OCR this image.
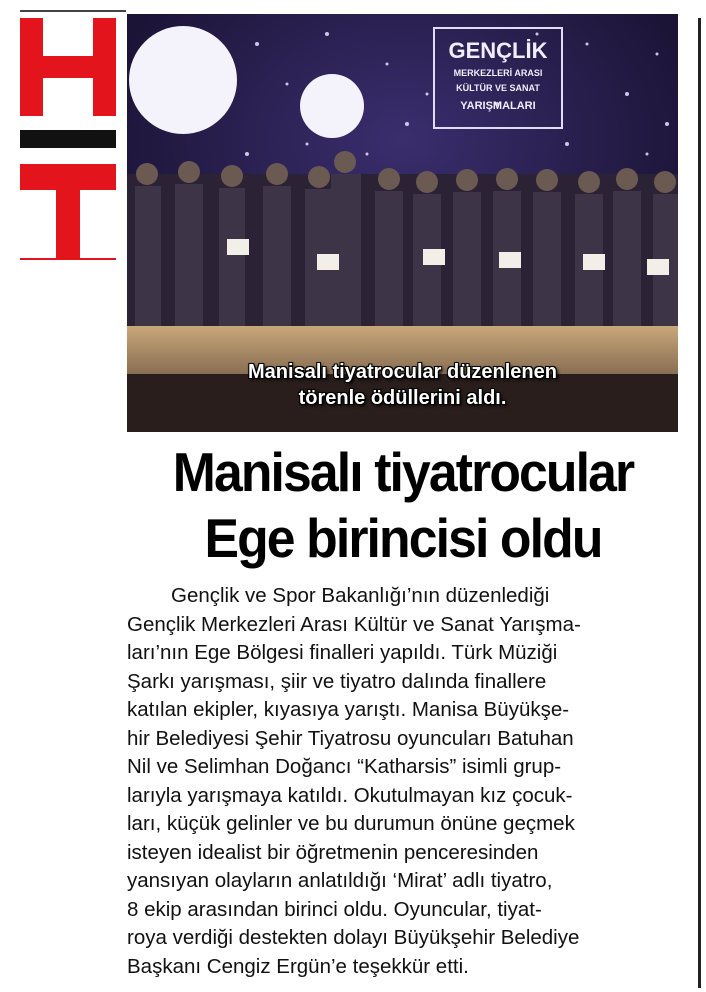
GENÇLİK
MERKEZLERİ ARASI
KÜLTÜR VE SANAT
YARIŞMALARI
Manisalı tiyatrocular düzenlenen
törenle ödüllerini aldı.
Manisalı tiyatrocular
Ege birincisi oldu
Gençlik ve Spor Bakanlığı’nın düzenlediği
Gençlik Merkezleri Arası Kültür ve Sanat Yarışma-
ları’nın Ege Bölgesi finalleri yapıldı. Türk Müziği
Şarkı yarışması, şiir ve tiyatro dalında finallere
katılan ekipler, kıyasıya yarıştı. Manisa Büyükşe-
hir Belediyesi Şehir Tiyatrosu oyuncuları Batuhan
Nil ve Selimhan Doğancı “Katharsis” isimli grup-
larıyla yarışmaya katıldı. Okutulmayan kız çocuk-
ları, küçük gelinler ve bu durumun önüne geçmek
isteyen idealist bir öğretmenin penceresinden
yansıyan olayların anlatıldığı ‘Mirat’ adlı tiyatro,
8 ekip arasından birinci oldu. Oyuncular, tiyat-
roya verdiği destekten dolayı Büyükşehir Belediye
Başkanı Cengiz Ergün’e teşekkür etti.
